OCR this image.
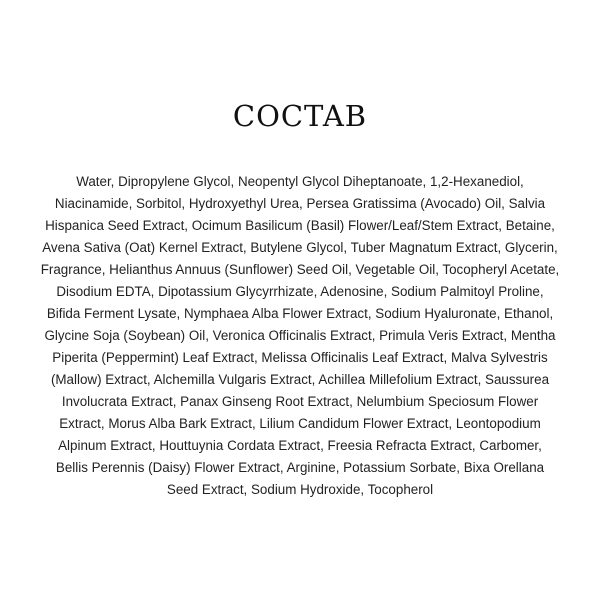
COCTAB

Water, Dipropylene Glycol, Neopentyl Glycol Diheptanoate, 1,2-Hexanediol,
Niacinamide, Sorbitol, Hydroxyethyl Urea, Persea Gratissima (Avocado) Oil, Salvia
Hispanica Seed Extract, Ocimum Basilicum (Basil) Flower/Leaf/Stem Extract, Betaine,
Avena Sativa (Oat) Kernel Extract, Butylene Glycol, Tuber Magnatum Extract, Glycerin,
Fragrance, Helianthus Annuus (Sunflower) Seed Oil, Vegetable Oil, Tocopheryl Acetate,
Disodium EDTA, Dipotassium Glycyrrhizate, Adenosine, Sodium Palmitoyl Proline,
Bifida Ferment Lysate, Nymphaea Alba Flower Extract, Sodium Hyaluronate, Ethanol,
Glycine Soja (Soybean) Oil, Veronica Officinalis Extract, Primula Veris Extract, Mentha
Piperita (Peppermint) Leaf Extract, Melissa Officinalis Leaf Extract, Malva Sylvestris
(Mallow) Extract, Alchemilla Vulgaris Extract, Achillea Millefolium Extract, Saussurea
Involucrata Extract, Panax Ginseng Root Extract, Nelumbium Speciosum Flower
Extract, Morus Alba Bark Extract, Lilium Candidum Flower Extract, Leontopodium
Alpinum Extract, Houttuynia Cordata Extract, Freesia Refracta Extract, Carbomer,
Bellis Perennis (Daisy) Flower Extract, Arginine, Potassium Sorbate, Bixa Orellana
Seed Extract, Sodium Hydroxide, Tocopherol
